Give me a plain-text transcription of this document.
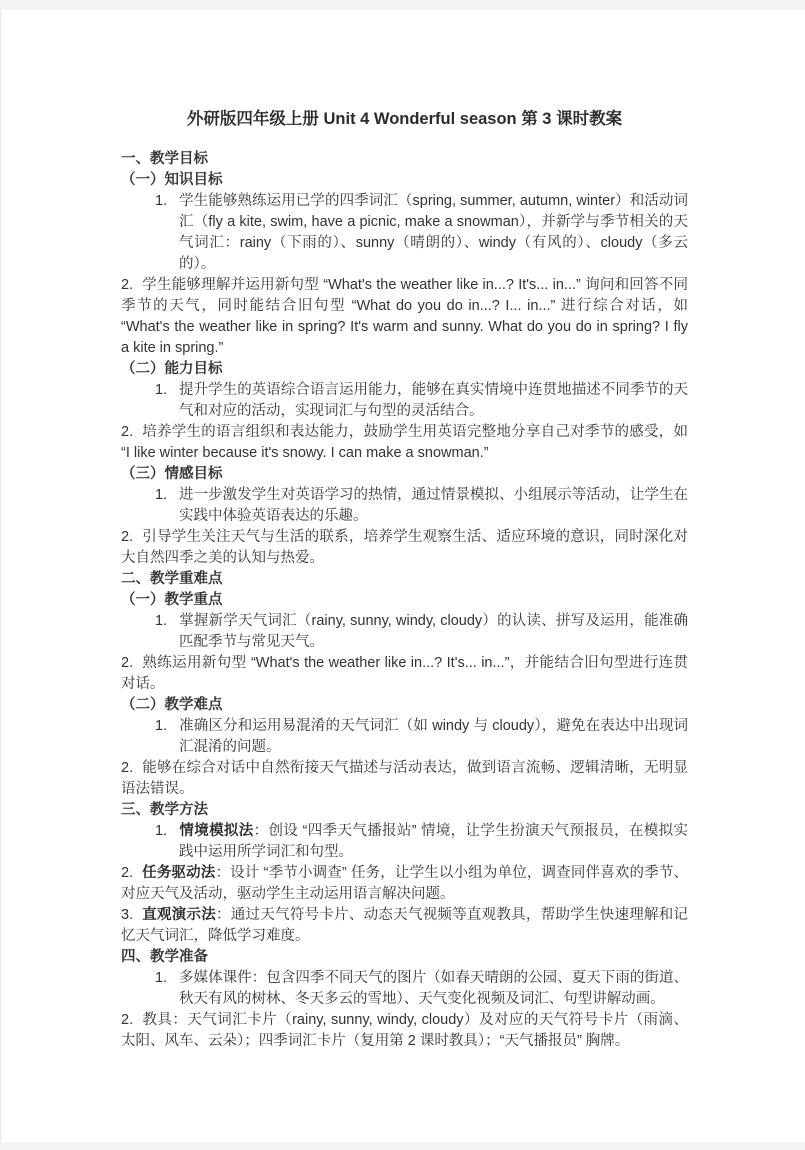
外研版四年级上册 Unit 4 Wonderful season 第 3 课时教案

一、教学目标

（一）知识目标

1. 学生能够熟练运用已学的四季词汇（spring, summer, autumn, winter）和活动词汇（fly a kite, swim, have a picnic, make a snowman），并新学与季节相关的天气词汇：rainy（下雨的）、sunny（晴朗的）、windy（有风的）、cloudy（多云的）。

2. 学生能够理解并运用新句型 “What's the weather like in...? It's... in...” 询问和回答不同季节的天气，同时能结合旧句型 “What do you do in...? I... in...” 进行综合对话，如 “What's the weather like in spring? It's warm and sunny. What do you do in spring? I fly a kite in spring.”

（二）能力目标

1. 提升学生的英语综合语言运用能力，能够在真实情境中连贯地描述不同季节的天气和对应的活动，实现词汇与句型的灵活结合。

2. 培养学生的语言组织和表达能力，鼓励学生用英语完整地分享自己对季节的感受，如 “I like winter because it's snowy. I can make a snowman.”

（三）情感目标

1. 进一步激发学生对英语学习的热情，通过情景模拟、小组展示等活动，让学生在实践中体验英语表达的乐趣。

2. 引导学生关注天气与生活的联系，培养学生观察生活、适应环境的意识，同时深化对大自然四季之美的认知与热爱。

二、教学重难点

（一）教学重点

1. 掌握新学天气词汇（rainy, sunny, windy, cloudy）的认读、拼写及运用，能准确匹配季节与常见天气。

2. 熟练运用新句型 “What's the weather like in...? It's... in...”，并能结合旧句型进行连贯对话。

（二）教学难点

1. 准确区分和运用易混淆的天气词汇（如 windy 与 cloudy），避免在表达中出现词汇混淆的问题。

2. 能够在综合对话中自然衔接天气描述与活动表达，做到语言流畅、逻辑清晰，无明显语法错误。

三、教学方法

1. 情境模拟法：创设 “四季天气播报站” 情境，让学生扮演天气预报员，在模拟实践中运用所学词汇和句型。

2. 任务驱动法：设计 “季节小调查” 任务，让学生以小组为单位，调查同伴喜欢的季节、对应天气及活动，驱动学生主动运用语言解决问题。

3. 直观演示法：通过天气符号卡片、动态天气视频等直观教具，帮助学生快速理解和记忆天气词汇，降低学习难度。

四、教学准备

1. 多媒体课件：包含四季不同天气的图片（如春天晴朗的公园、夏天下雨的街道、秋天有风的树林、冬天多云的雪地）、天气变化视频及词汇、句型讲解动画。

2. 教具：天气词汇卡片（rainy, sunny, windy, cloudy）及对应的天气符号卡片（雨滴、太阳、风车、云朵）；四季词汇卡片（复用第 2 课时教具）；“天气播报员” 胸牌。
